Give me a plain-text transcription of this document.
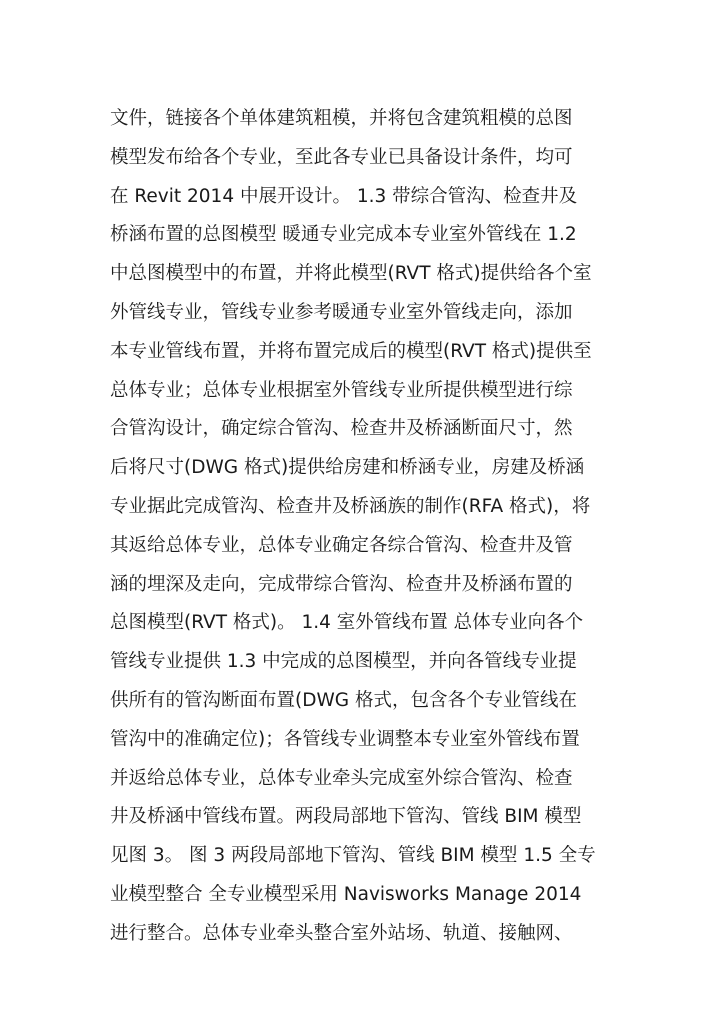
文件，链接各个单体建筑粗模，并将包含建筑粗模的总图
模型发布给各个专业，至此各专业已具备设计条件，均可
在 Revit 2014 中展开设计。 1.3 带综合管沟、检查井及
桥涵布置的总图模型 暖通专业完成本专业室外管线在 1.2
中总图模型中的布置，并将此模型(RVT 格式)提供给各个室
外管线专业，管线专业参考暖通专业室外管线走向，添加
本专业管线布置，并将布置完成后的模型(RVT 格式)提供至
总体专业；总体专业根据室外管线专业所提供模型进行综
合管沟设计，确定综合管沟、检查井及桥涵断面尺寸，然
后将尺寸(DWG 格式)提供给房建和桥涵专业，房建及桥涵
专业据此完成管沟、检查井及桥涵族的制作(RFA 格式)，将
其返给总体专业，总体专业确定各综合管沟、检查井及管
涵的埋深及走向，完成带综合管沟、检查井及桥涵布置的
总图模型(RVT 格式)。 1.4 室外管线布置 总体专业向各个
管线专业提供 1.3 中完成的总图模型，并向各管线专业提
供所有的管沟断面布置(DWG 格式，包含各个专业管线在
管沟中的准确定位)；各管线专业调整本专业室外管线布置
并返给总体专业，总体专业牵头完成室外综合管沟、检查
井及桥涵中管线布置。两段局部地下管沟、管线 BIM 模型
见图 3。 图 3 两段局部地下管沟、管线 BIM 模型 1.5 全专
业模型整合 全专业模型采用 Navisworks Manage 2014
进行整合。总体专业牵头整合室外站场、轨道、接触网、
